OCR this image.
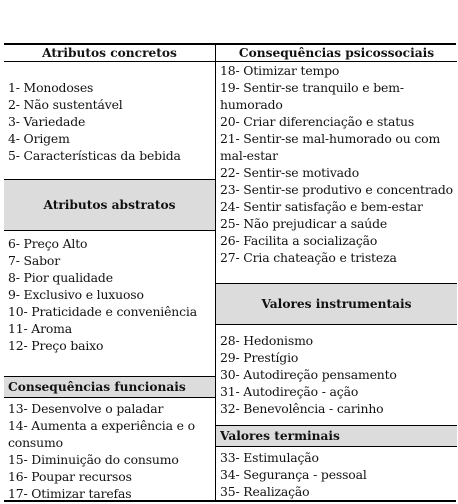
Atributos concretos
1- Monodoses
2- Não sustentável
3- Variedade
4- Origem
5- Características da bebida
Atributos abstratos
6- Preço Alto
7- Sabor
8- Pior qualidade
9- Exclusivo e luxuoso
10- Praticidade e conveniência
11- Aroma
12- Preço baixo
Consequências funcionais
13- Desenvolve o paladar
14- Aumenta a experiência e o consumo
15- Diminuição do consumo
16- Poupar recursos
17- Otimizar tarefas
Consequências psicossociais
18- Otimizar tempo
19- Sentir-se tranquilo e bem-humorado
20- Criar diferenciação e status
21- Sentir-se mal-humorado ou com mal-estar
22- Sentir-se motivado
23- Sentir-se produtivo e concentrado
24- Sentir satisfação e bem-estar
25- Não prejudicar a saúde
26- Facilita a socialização
27- Cria chateação e tristeza
Valores instrumentais
28- Hedonismo
29- Prestígio
30- Autodireção pensamento
31- Autodireção - ação
32- Benevolência - carinho
Valores terminais
33- Estimulação
34- Segurança - pessoal
35- Realização
